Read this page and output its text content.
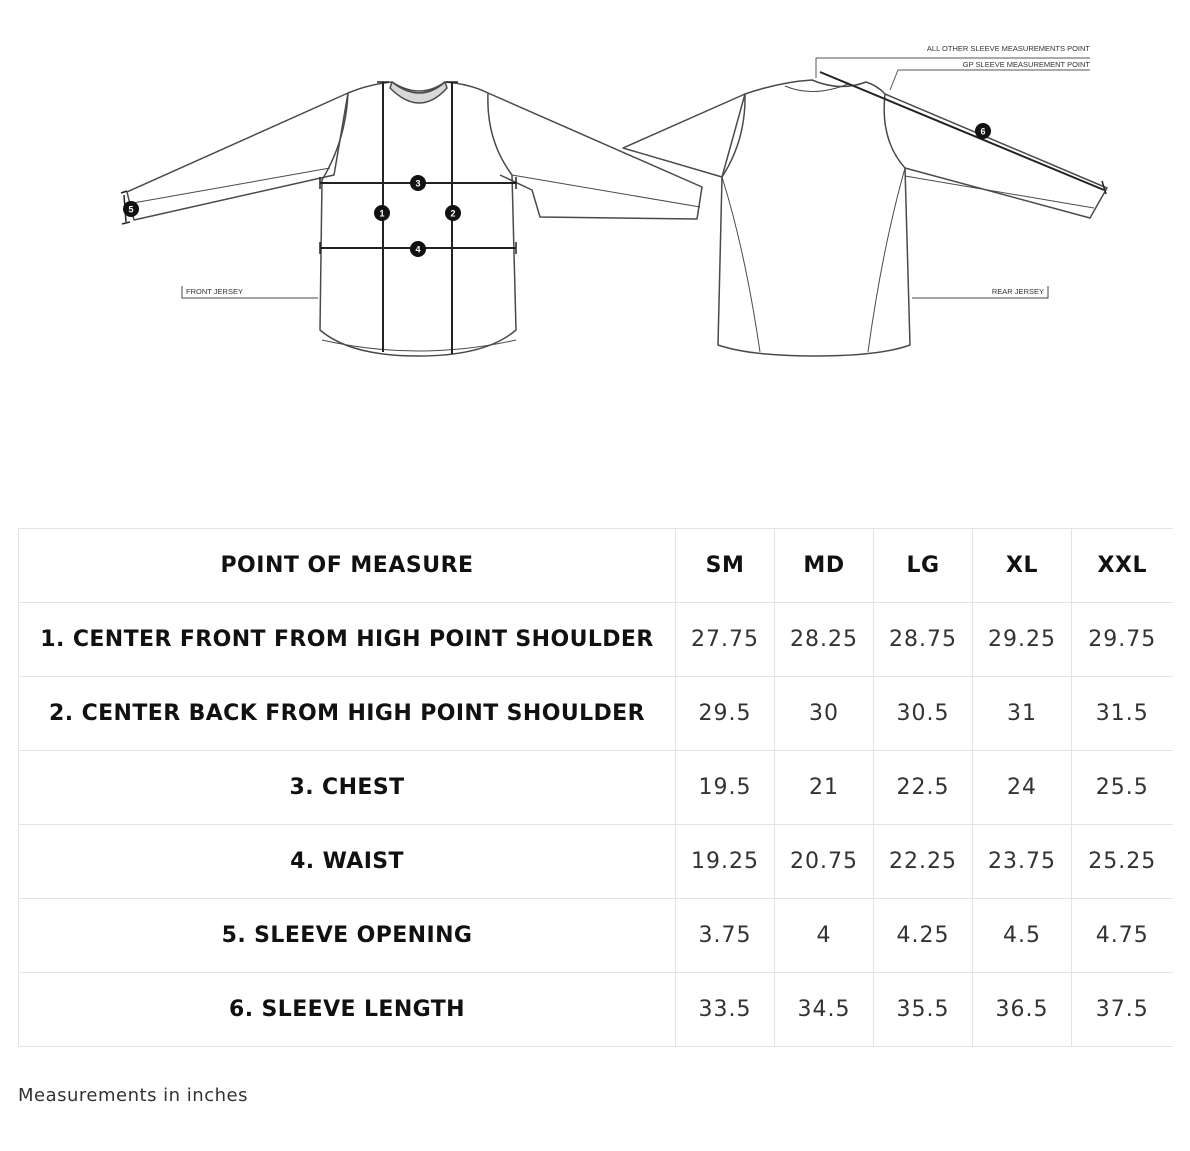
1	2
3
4
5
6
FRONT JERSEY	REAR JERSEY
ALL OTHER SLEEVE MEASUREMENTS POINT
GP SLEEVE MEASUREMENT POINT
POINT OF MEASURE	SM	MD	LG	XL	XXL
1. CENTER FRONT FROM HIGH POINT SHOULDER	27.75	28.25	28.75	29.25	29.75
2. CENTER BACK FROM HIGH POINT SHOULDER	29.5	30	30.5	31	31.5
3. CHEST	19.5	21	22.5	24	25.5
4. WAIST	19.25	20.75	22.25	23.75	25.25
5. SLEEVE OPENING	3.75	4	4.25	4.5	4.75
6. SLEEVE LENGTH	33.5	34.5	35.5	36.5	37.5
Measurements in inches
